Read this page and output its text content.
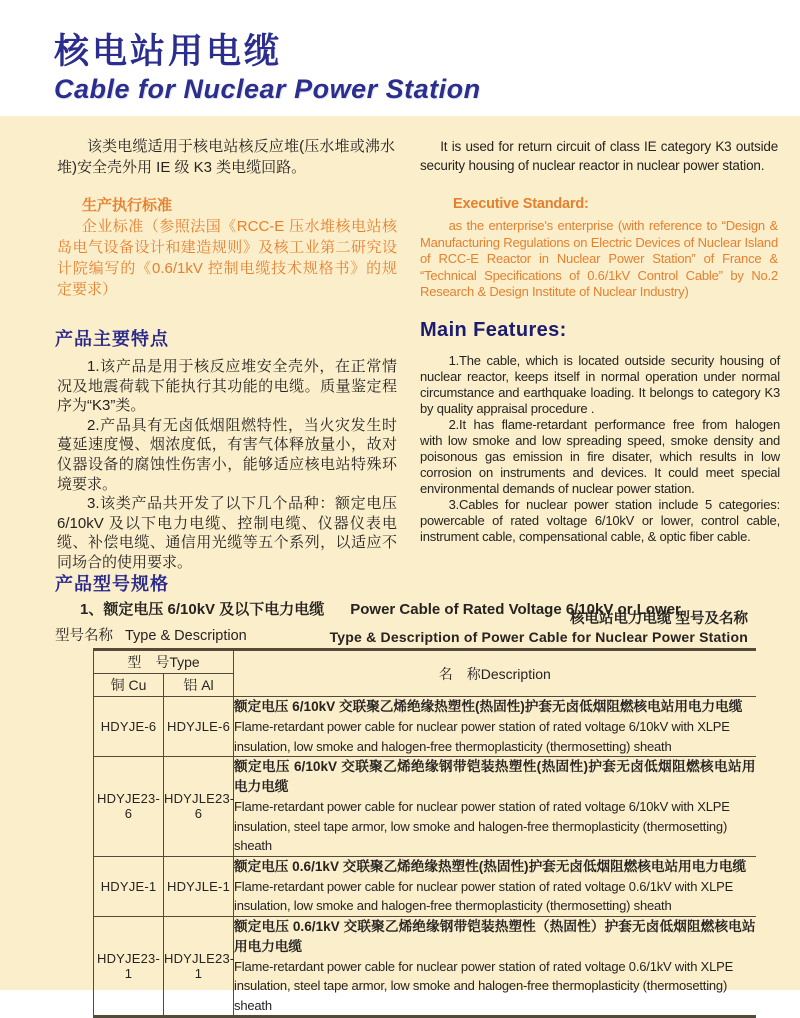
核电站用电缆
Cable for Nuclear Power Station

该类电缆适用于核电站核反应堆(压水堆或沸水堆)安全壳外用 IE 级 K3 类电缆回路。

生产执行标准

企业标准（参照法国《RCC-E 压水堆核电站核岛电气设备设计和建造规则》及核工业第二研究设计院编写的《0.6/1kV 控制电缆技术规格书》的规定要求）

It is used for return circuit of class IE category K3 outside security housing of nuclear reactor in nuclear power station.

Executive Standard:

as the enterprise's enterprise (with reference to “Design & Manufacturing Regulations on Electric Devices of Nuclear Island of RCC-E Reactor in Nuclear Power Station” of France & “Technical Specifications of 0.6/1kV Control Cable” by No.2 Research & Design Institute of Nuclear Industry)

产品主要特点

1.该产品是用于核反应堆安全壳外，在正常情况及地震荷载下能执行其功能的电缆。质量鉴定程序为“K3”类。

2.产品具有无卤低烟阻燃特性，当火灾发生时蔓延速度慢、烟浓度低，有害气体释放量小，故对仪器设备的腐蚀性伤害小，能够适应核电站特殊环境要求。

3.该类产品共开发了以下几个品种：额定电压 6/10kV 及以下电力电缆、控制电缆、仪器仪表电缆、补偿电缆、通信用光缆等五个系列，以适应不同场合的使用要求。

Main Features:

1.The cable, which is located outside security housing of nuclear reactor, keeps itself in normal operation under normal circumstance and earthquake loading. It belongs to category K3 by quality appraisal procedure .

2.It has flame-retardant performance free from halogen with low smoke and low spreading speed, smoke density and poisonous gas emission in fire disater, which results in low corrosion on instruments and devices. It could meet special environmental demands of nuclear power station.

3.Cables for nuclear power station include 5 categories: powercable of rated voltage 6/10kV or lower, control cable, instrument cable, compensational cable, & optic fiber cable.

产品型号规格

1、额定电压 6/10kV 及以下电力电缆 Power Cable of Rated Voltage 6/10kV or Lower

型号名称 Type & Description

核电站电力电缆 型号及名称
Type & Description of Power Cable for Nuclear Power Station
型　号Type		名　称Description
铜 Cu	铝 Al	
HDYJE-6	HDYJLE-6	额定电压 6/10kV 交联聚乙烯绝缘热塑性(热固性)护套无卤低烟阻燃核电站用电力电缆
Flame-retardant power cable for nuclear power station of rated voltage 6/10kV with XLPE insulation, low smoke and halogen-free thermoplasticity (thermosetting) sheath

HDYJE23-6	HDYJLE23-6	额定电压 6/10kV 交联聚乙烯绝缘钢带铠装热塑性(热固性)护套无卤低烟阻燃核电站用电力电缆
Flame-retardant power cable for nuclear power station of rated voltage 6/10kV with XLPE insulation, steel tape armor, low smoke and halogen-free thermoplasticity (thermosetting) sheath

HDYJE-1	HDYJLE-1	额定电压 0.6/1kV 交联聚乙烯绝缘热塑性(热固性)护套无卤低烟阻燃核电站用电力电缆
Flame-retardant power cable for nuclear power station of rated voltage 0.6/1kV with XLPE insulation, low smoke and halogen-free thermoplasticity (thermosetting) sheath

HDYJE23-1	HDYJLE23-1	额定电压 0.6/1kV 交联聚乙烯绝缘钢带铠装热塑性（热固性）护套无卤低烟阻燃核电站用电力电缆
Flame-retardant power cable for nuclear power station of rated voltage 0.6/1kV with XLPE insulation, steel tape armor, low smoke and halogen-free thermoplasticity (thermosetting) sheath
